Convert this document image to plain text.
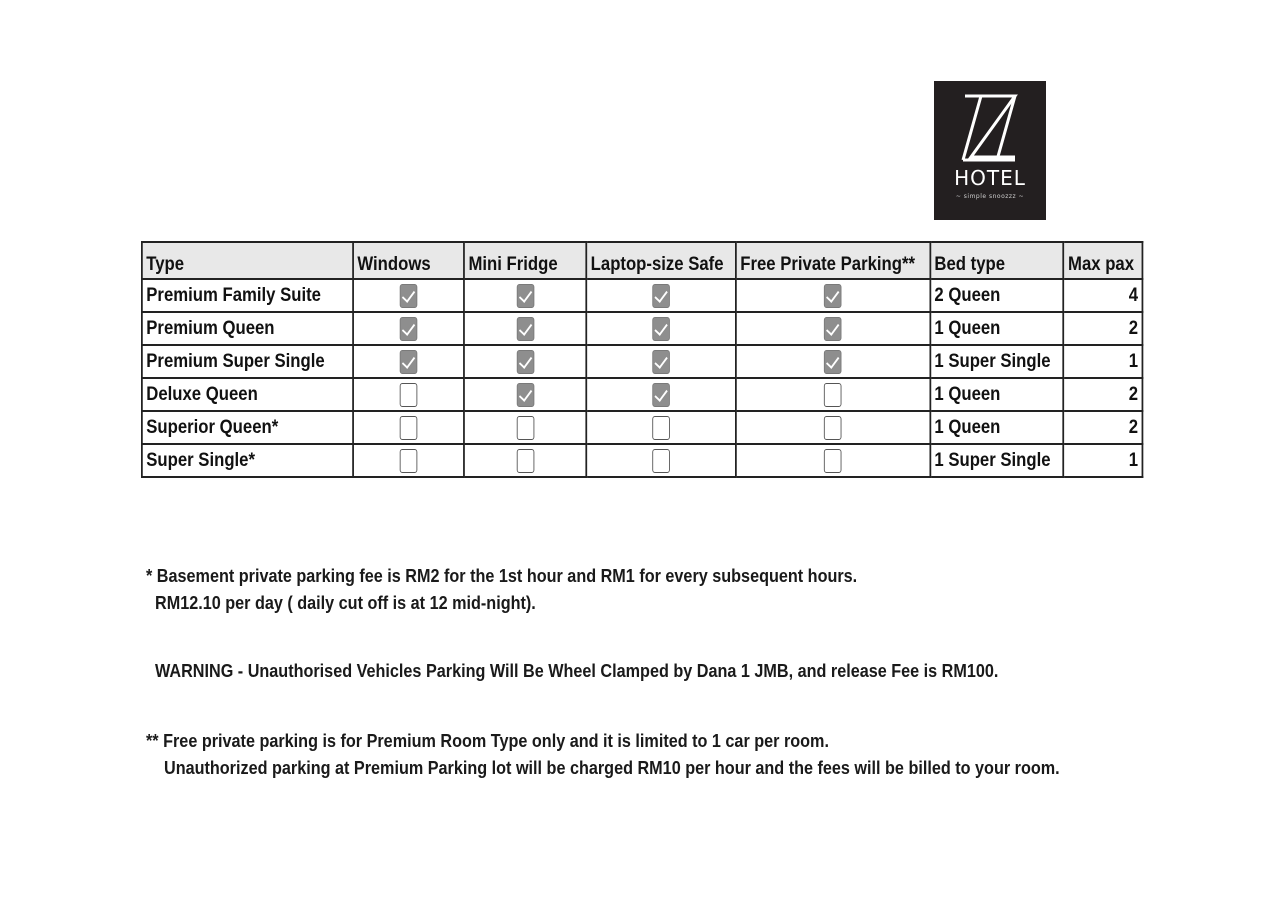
HOTEL
~ simple snoozzz ~
Type	Windows	Mini Fridge	Laptop-size Safe	Free Private Parking**	Bed type	Max pax
Premium Family Suite					2 Queen	4
Premium Queen					1 Queen	2
Premium Super Single					1 Super Single	1
Deluxe Queen					1 Queen	2
Superior Queen*					1 Queen	2
Super Single*					1 Super Single	1
* Basement private parking fee is RM2 for the 1st hour and RM1 for every subsequent hours.
RM12.10 per day ( daily cut off is at 12 mid-night).
WARNING - Unauthorised Vehicles Parking Will Be Wheel Clamped by Dana 1 JMB, and release Fee is RM100.
** Free private parking is for Premium Room Type only and it is limited to 1 car per room.
Unauthorized parking at Premium Parking lot will be charged RM10 per hour and the fees will be billed to your room.
